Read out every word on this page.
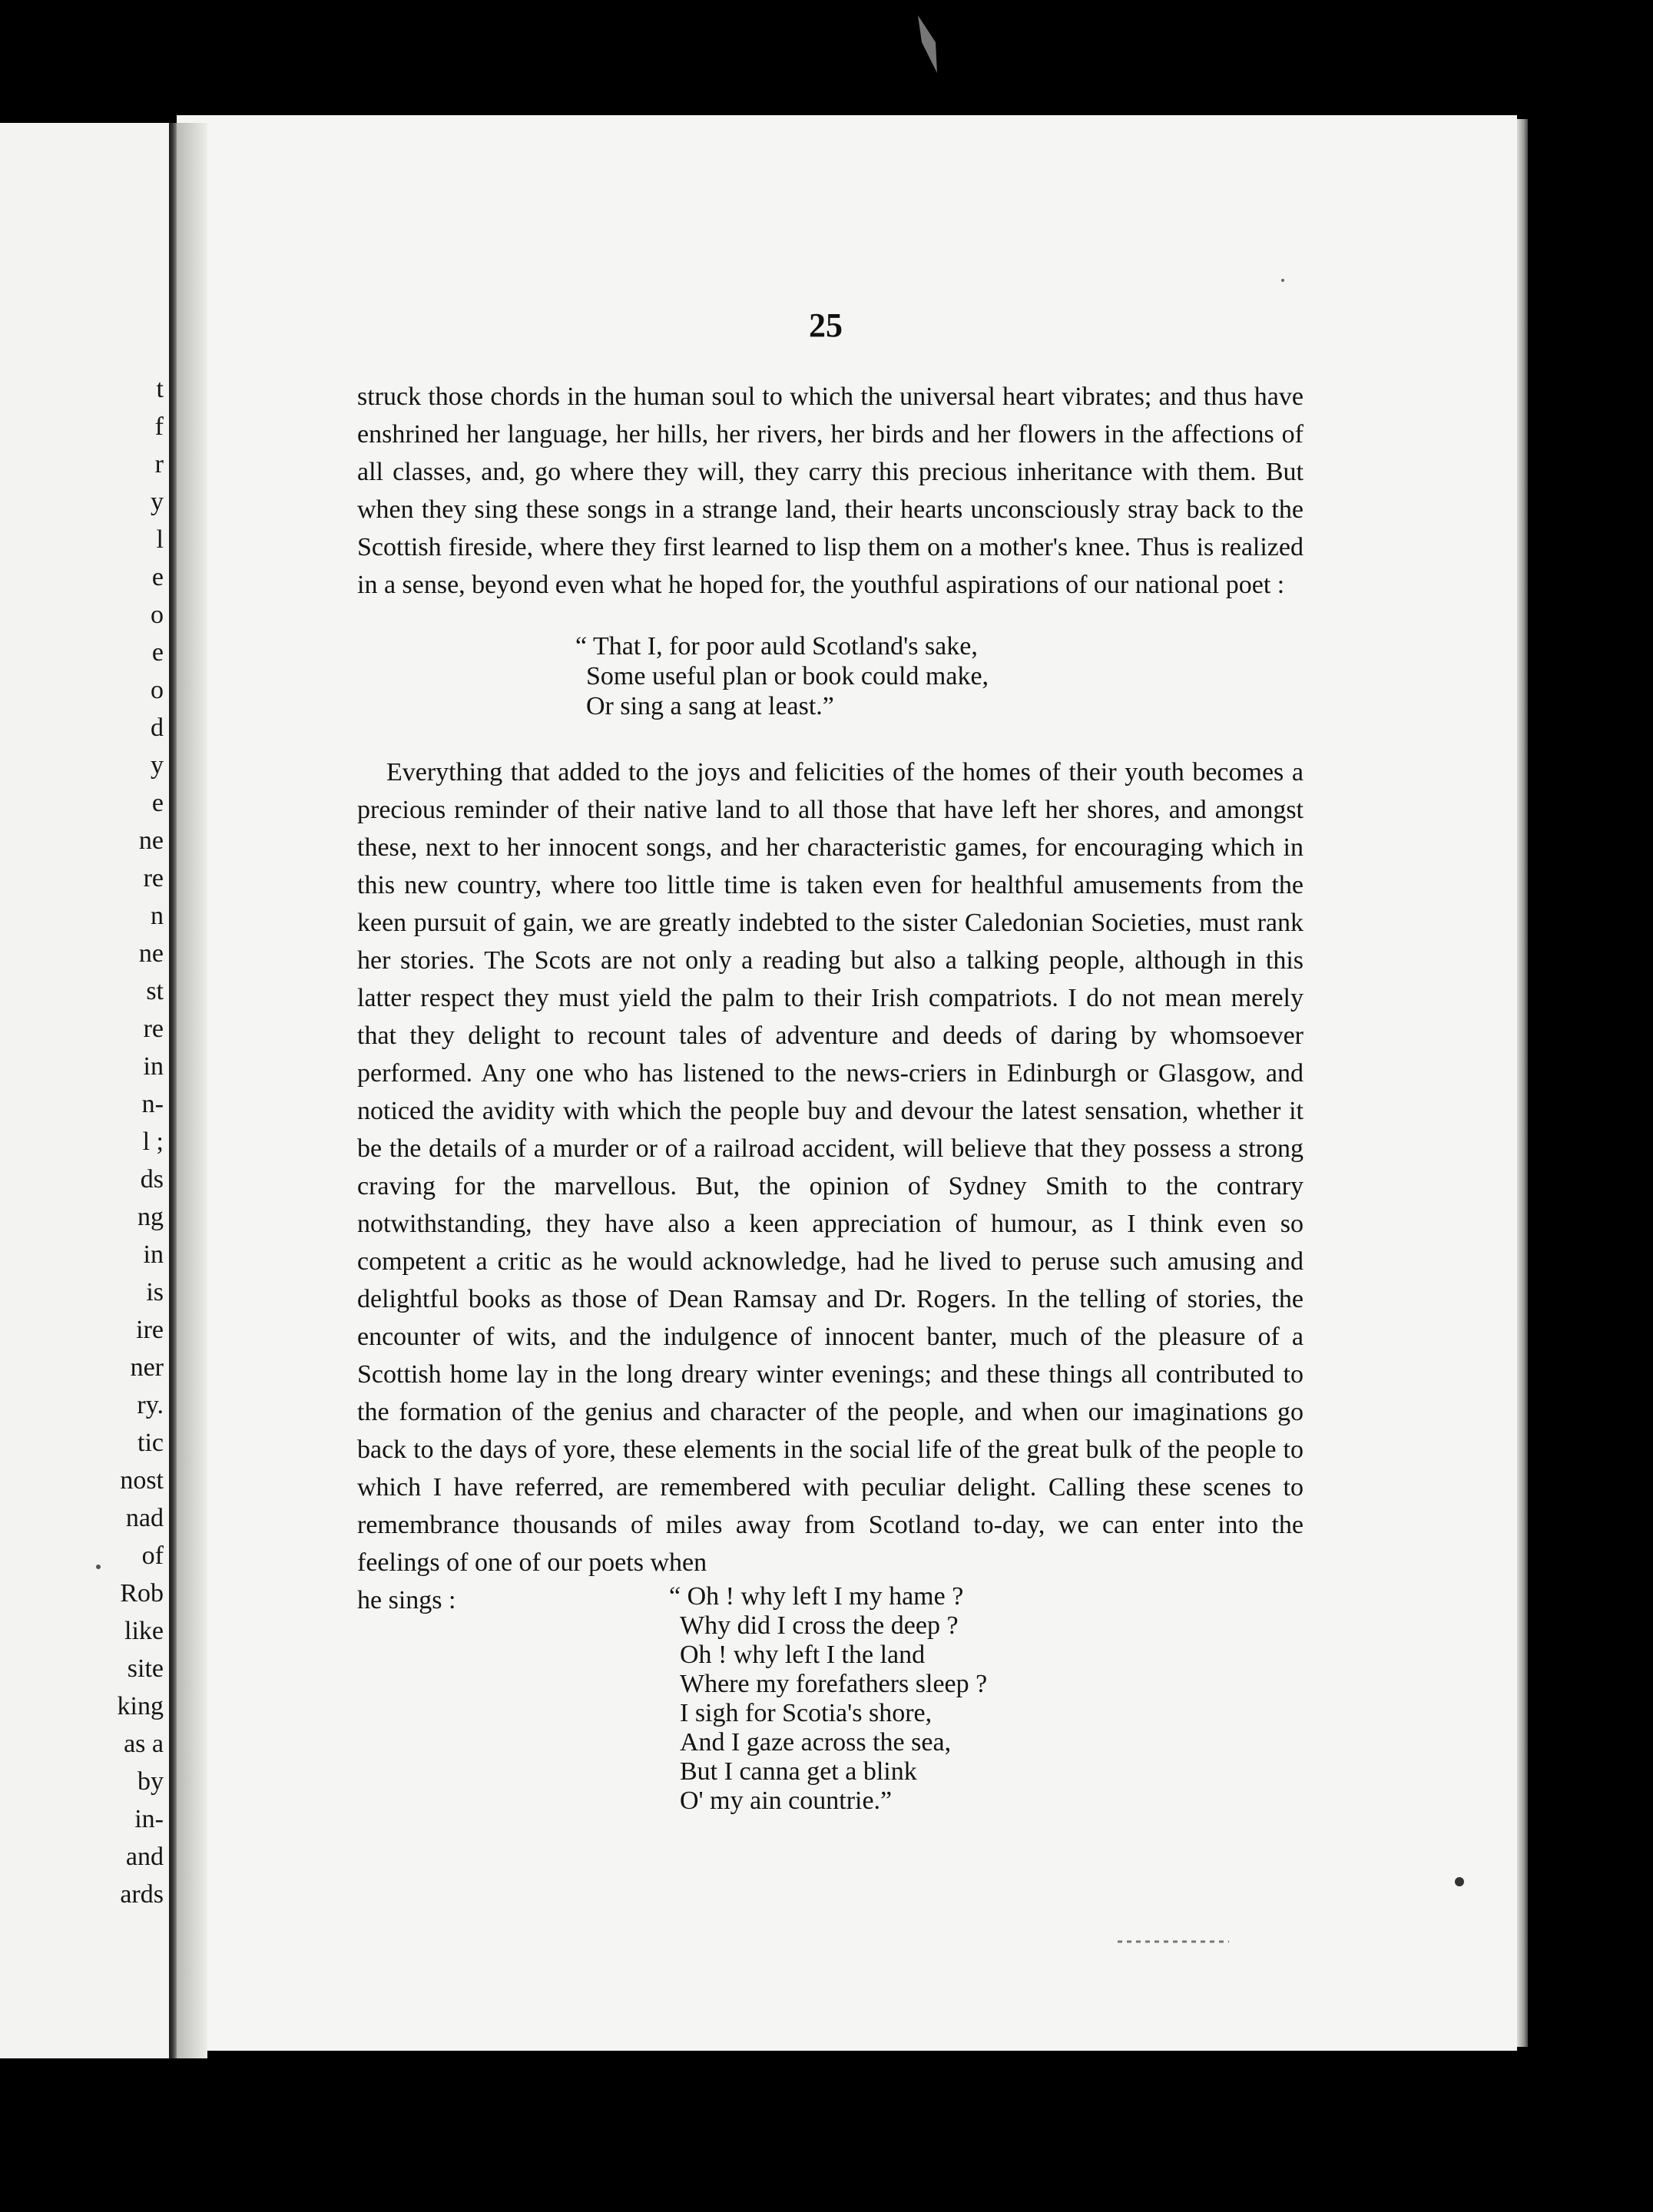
t
f
r
y
l
e
o
e
o
d
y
e
ne
re
n
ne
st
re
in
n-
l ;
ds
ng
in
is
ire
ner
ry.
tic
nost
nad
of
Rob
like
site
king
as a
by
in-
and
ards

25

struck those chords in the human soul to which the universal heart vibrates; and thus have enshrined her language, her hills, her rivers, her birds and her flowers in the affections of all classes, and, go where they will, they carry this precious inheritance with them. But when they sing these songs in a strange land, their hearts unconsciously stray back to the Scottish fireside, where they first learned to lisp them on a mother's knee. Thus is realized in a sense, beyond even what he hoped for, the youthful aspirations of our national poet :

“ That I, for poor auld Scotland's sake,
Some useful plan or book could make,
Or sing a sang at least.”

Everything that added to the joys and felicities of the homes of their youth becomes a precious reminder of their native land to all those that have left her shores, and amongst these, next to her innocent songs, and her characteristic games, for encouraging which in this new country, where too little time is taken even for healthful amusements from the keen pursuit of gain, we are greatly indebted to the sister Caledonian Societies, must rank her stories. The Scots are not only a reading but also a talking people, although in this latter respect they must yield the palm to their Irish compatriots. I do not mean merely that they delight to recount tales of adventure and deeds of daring by whomsoever performed. Any one who has listened to the news-criers in Edinburgh or Glasgow, and noticed the avidity with which the people buy and devour the latest sensation, whether it be the details of a murder or of a railroad accident, will believe that they possess a strong craving for the marvellous. But, the opinion of Sydney Smith to the contrary notwithstanding, they have also a keen appreciation of humour, as I think even so competent a critic as he would acknowledge, had he lived to peruse such amusing and delightful books as those of Dean Ramsay and Dr. Rogers. In the telling of stories, the encounter of wits, and the indulgence of innocent banter, much of the pleasure of a Scottish home lay in the long dreary winter evenings; and these things all contributed to the formation of the genius and character of the people, and when our imaginations go back to the days of yore, these elements in the social life of the great bulk of the people to which I have referred, are remembered with peculiar delight. Calling these scenes to remembrance thousands of miles away from Scotland to-day, we can enter into the feelings of one of our poets when

he sings :	“ Oh ! why left I my hame ?
Why did I cross the deep ?
Oh ! why left I the land
Where my forefathers sleep ?
I sigh for Scotia's shore,
And I gaze across the sea,
But I canna get a blink
O' my ain countrie.”
